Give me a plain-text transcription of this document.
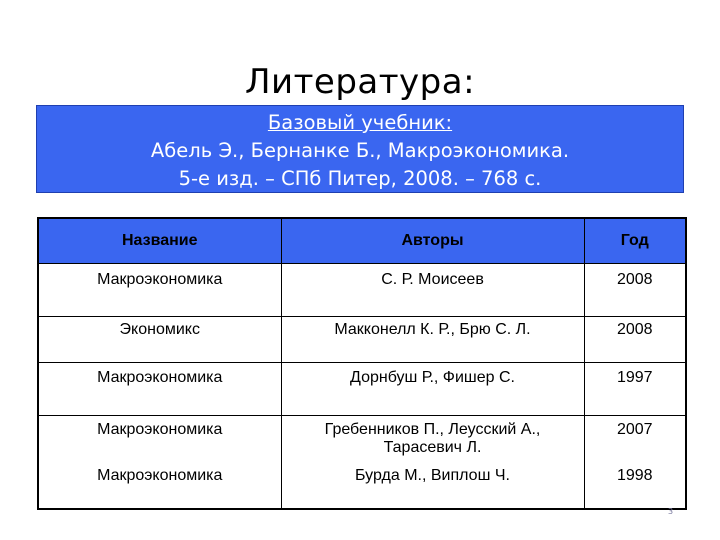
Литература:
Базовый учебник:
Абель Э., Бернанке Б., Макроэкономика.
5-е изд. – СПб Питер, 2008. – 768 с.
Название	Авторы	Год
Макроэкономика	С. Р. Моисеев	2008
Экономикс	Макконелл К. Р., Брю С. Л.	2008
Макроэкономика	Дорнбуш Р., Фишер С.	1997
Макроэкономика	Гребенников П., Леусский А., Тарасевич Л.	2007
Макроэкономика	Бурда М., Виплош Ч.	1998
3
